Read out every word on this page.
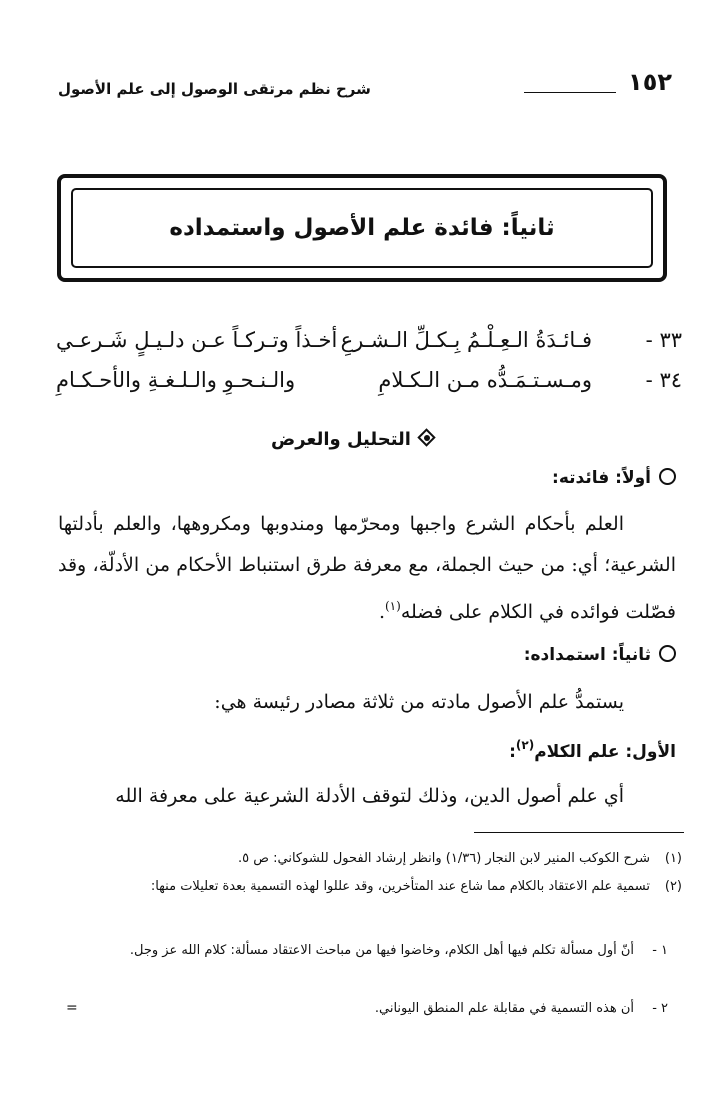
١٥٢
شرح نظم مرتقى الوصول إلى علم الأصول
ثانياً: فائدة علم الأصول واستمداده
٣٣ -
فـائـدَةُ الـعِـلْـمُ بِـكـلِّ الـشـرعِ
أخـذاً وتـركـاً عـن دلـيـلٍ شَـرعـي
٣٤ -
ومـسـتـمَـدُّه مـن الـكـلامِ
والـنـحـوِ والـلـغـةِ والأحـكـامِ
التحليل والعرض
أولاً: فائدته:
العلم بأحكام الشرع واجبها ومحرّمها ومندوبها ومكروهها، والعلم بأدلتها الشرعية؛ أي: من حيث الجملة، مع معرفة طرق استنباط الأحكام من الأدلّة، وقد فصّلت فوائده في الكلام على فضله$^{(١)}$.
ثانياً: استمداده:
يستمدُّ علم الأصول مادته من ثلاثة مصادر رئيسة هي:
الأول: علم الكلام$^{(٢)}$:
أي علم أصول الدين، وذلك لتوقف الأدلة الشرعية على معرفة الله
(١)
شرح الكوكب المنير لابن النجار (١/٣٦) وانظر إرشاد الفحول للشوكاني: ص ٥.
(٢)
تسمية علم الاعتقاد بالكلام مما شاع عند المتأخرين، وقد عللوا لهذه التسمية بعدة تعليلات منها:
١ -
أنّ أول مسألة تكلم فيها أهل الكلام، وخاضوا فيها من مباحث الاعتقاد مسألة: كلام الله عز وجل.
٢ -
أن هذه التسمية في مقابلة علم المنطق اليوناني.
=
